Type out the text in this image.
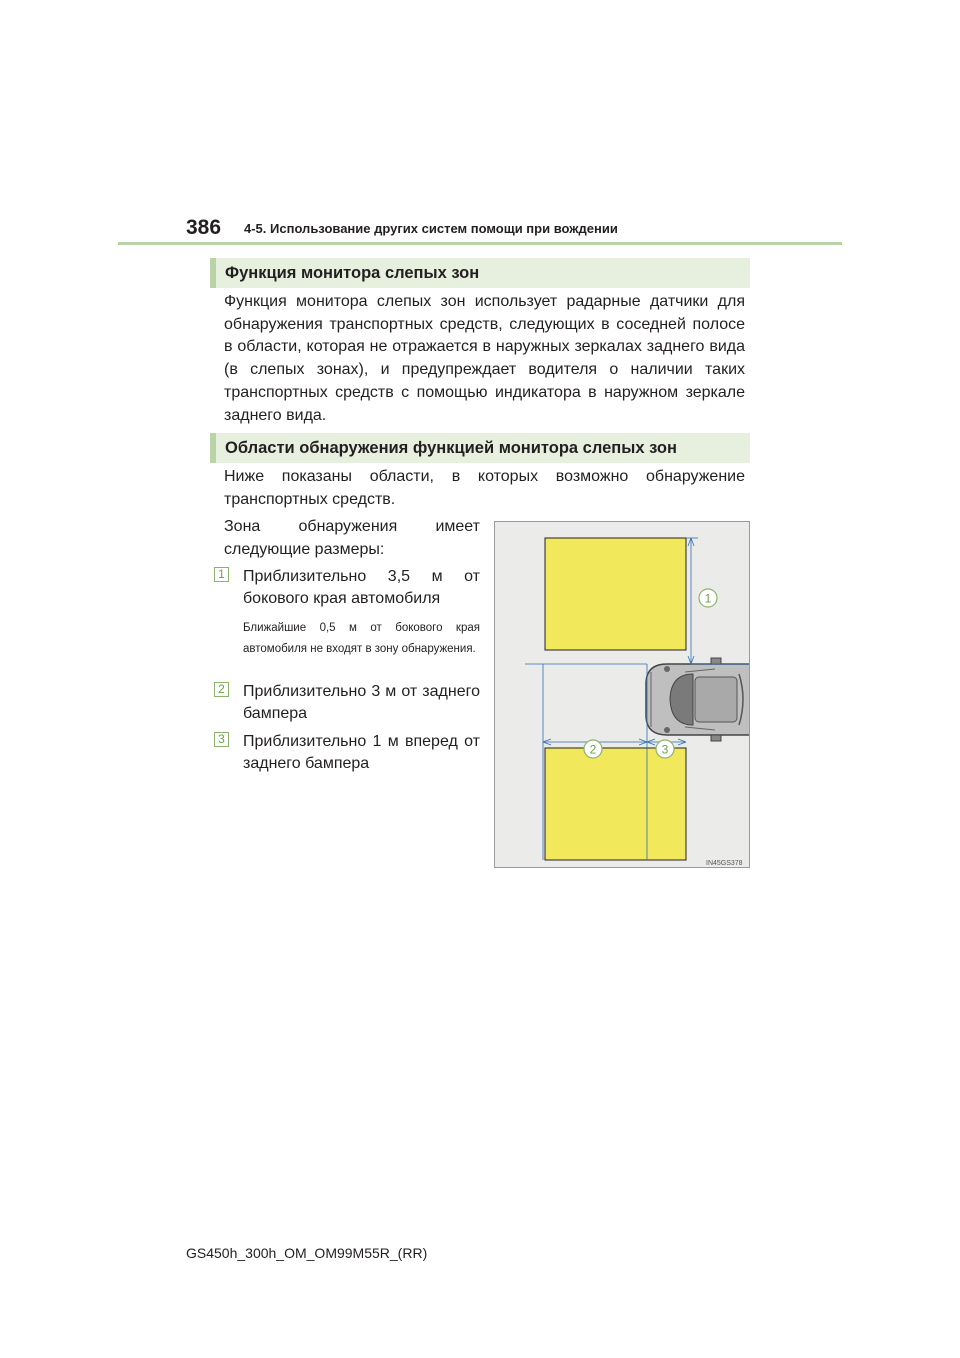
386 4-5. Использование других систем помощи при вождении
Функция монитора слепых зон

Функция монитора слепых зон использует радарные датчики для обнаружения транспортных средств, следующих в соседней полосе в области, которая не отражается в наружных зеркалах заднего вида (в слепых зонах), и предупреждает водителя о наличии таких транспортных средств с помощью индикатора в наружном зеркале заднего вида.

Области обнаружения функцией монитора слепых зон

Ниже показаны области, в которых возможно обнаружение транспортных средств.

Зона обнаружения имеет следующие размеры:

1 Приблизительно 3,5 м от бокового края автомобиля

Ближайшие 0,5 м от бокового края автомобиля не входят в зону обнаружения.

2 Приблизительно 3 м от заднего бампера

3 Приблизительно 1 м вперед от заднего бампера

1
2	3
IN45GS378
GS450h_300h_OM_OM99M55R_(RR)
